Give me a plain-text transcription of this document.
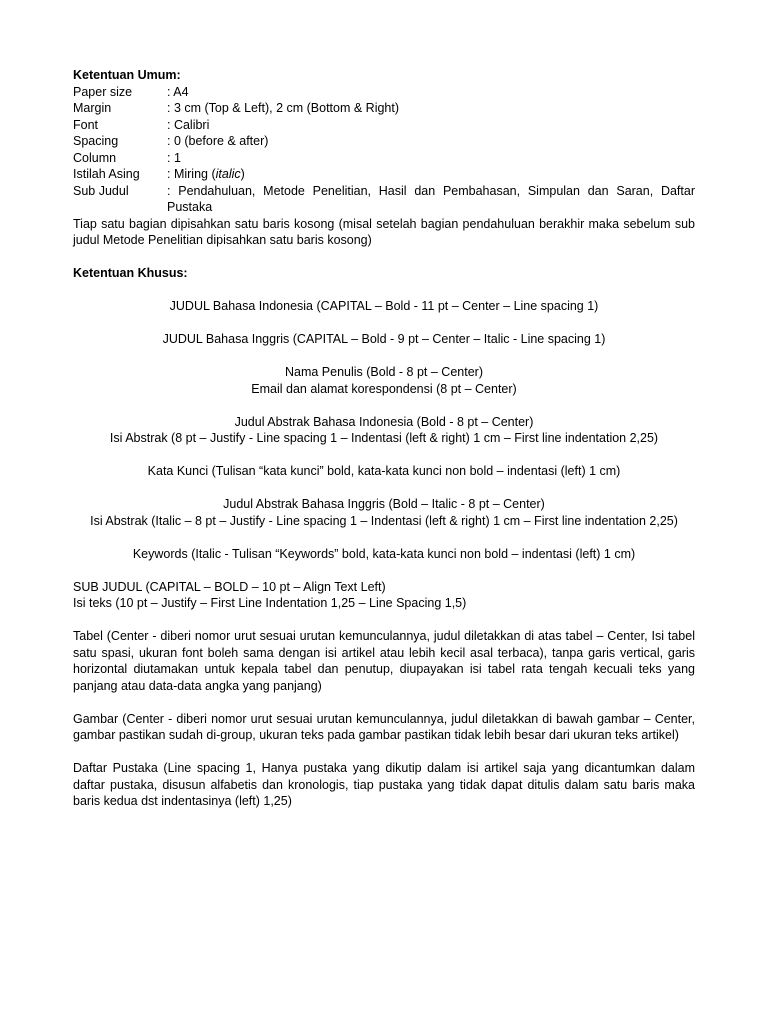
Ketentuan Umum:
Paper size	: A4
Margin	: 3 cm (Top & Left), 2 cm (Bottom & Right)
Font	: Calibri
Spacing	: 0 (before & after)
Column	: 1
Istilah Asing	: Miring (italic)
Sub Judul	: Pendahuluan, Metode Penelitian, Hasil dan Pembahasan, Simpulan dan Saran, Daftar Pustaka
Tiap satu bagian dipisahkan satu baris kosong (misal setelah bagian pendahuluan berakhir maka sebelum sub judul Metode Penelitian dipisahkan satu baris kosong)
Ketentuan Khusus:
JUDUL Bahasa Indonesia (CAPITAL – Bold - 11 pt – Center – Line spacing 1)
JUDUL Bahasa Inggris (CAPITAL – Bold - 9 pt – Center – Italic - Line spacing 1)
Nama Penulis (Bold - 8 pt – Center)
Email dan alamat korespondensi (8 pt – Center)
Judul Abstrak Bahasa Indonesia (Bold - 8 pt – Center)
Isi Abstrak (8 pt – Justify - Line spacing 1 – Indentasi (left & right) 1 cm – First line indentation 2,25)
Kata Kunci (Tulisan “kata kunci” bold, kata-kata kunci non bold – indentasi (left) 1 cm)
Judul Abstrak Bahasa Inggris (Bold – Italic - 8 pt – Center)
Isi Abstrak (Italic – 8 pt – Justify - Line spacing 1 – Indentasi (left & right) 1 cm – First line indentation 2,25)
Keywords (Italic - Tulisan “Keywords” bold, kata-kata kunci non bold – indentasi (left) 1 cm)
SUB JUDUL (CAPITAL – BOLD – 10 pt – Align Text Left)
Isi teks (10 pt – Justify – First Line Indentation 1,25 – Line Spacing 1,5)
Tabel (Center - diberi nomor urut sesuai urutan kemunculannya, judul diletakkan di atas tabel – Center, Isi tabel satu spasi, ukuran font boleh sama dengan isi artikel atau lebih kecil asal terbaca), tanpa garis vertical, garis horizontal diutamakan untuk kepala tabel dan penutup, diupayakan isi tabel rata tengah kecuali teks yang panjang atau data-data angka yang panjang)
Gambar (Center - diberi nomor urut sesuai urutan kemunculannya, judul diletakkan di bawah gambar – Center, gambar pastikan sudah di-group, ukuran teks pada gambar pastikan tidak lebih besar dari ukuran teks artikel)
Daftar Pustaka (Line spacing 1, Hanya pustaka yang dikutip dalam isi artikel saja yang dicantumkan dalam daftar pustaka, disusun alfabetis dan kronologis, tiap pustaka yang tidak dapat ditulis dalam satu baris maka baris kedua dst indentasinya (left) 1,25)
